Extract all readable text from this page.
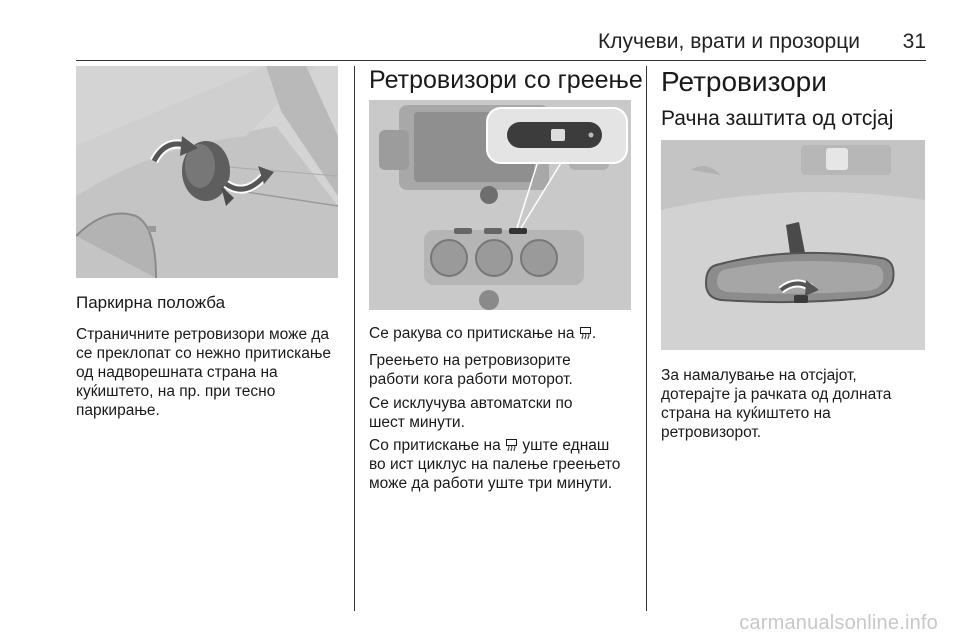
Клучеви, врати и прозорци	31
Паркирна положба

Страничните ретровизори може да
се преклопат со нежно притискање
од надворешната страна на
куќиштето, на пр. при тесно
паркирање.

Ретровизори со греење
Се ракува со притискање на .

Греењето на ретровизорите
работи кога работи моторот.

Се исклучува автоматски по
шест минути.

Со притискање на  уште еднаш
во ист циклус на палење греењето
може да работи уште три минути.
Ретровизори
Рачна заштита од отсјај

За намалување на отсјајот,
дотерајте ја рачката од долната
страна на куќиштето на
ретровизорот.

carmanualsonline.info
